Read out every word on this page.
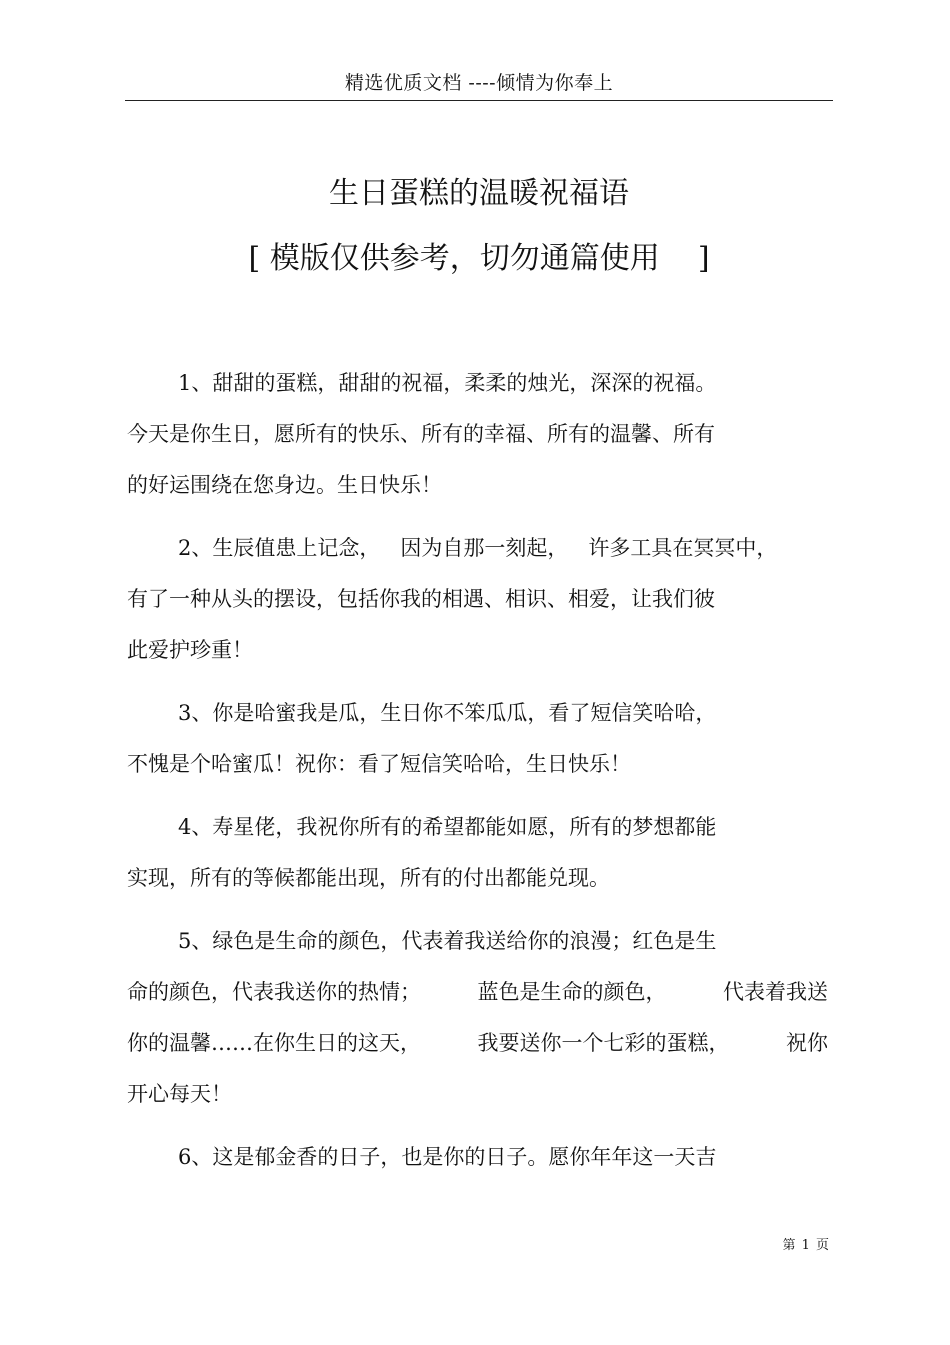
精选优质文档 ----倾情为你奉上
生日蛋糕的温暖祝福语
[ 模版仅供参考，切勿通篇使用    ]
1、甜甜的蛋糕，甜甜的祝福，柔柔的烛光，深深的祝福。
今天是你生日，愿所有的快乐、所有的幸福、所有的温馨、所有
的好运围绕在您身边。生日快乐！
2、生辰值患上记念，   因为自那一刻起，   许多工具在冥冥中，
有了一种从头的摆设，包括你我的相遇、相识、相爱，让我们彼
此爱护珍重！
3、你是哈蜜我是瓜，生日你不笨瓜瓜，看了短信笑哈哈，
不愧是个哈蜜瓜！祝你：看了短信笑哈哈，生日快乐！
4、寿星佬，我祝你所有的希望都能如愿，所有的梦想都能
实现，所有的等候都能出现，所有的付出都能兑现。
5、绿色是生命的颜色，代表着我送给你的浪漫；红色是生
命的颜色，代表我送你的热情；	蓝色是生命的颜色，	代表着我送
你的温馨……在你生日的这天，	我要送你一个七彩的蛋糕，	祝你
开心每天！
6、这是郁金香的日子，也是你的日子。愿你年年这一天吉
第 1 页
